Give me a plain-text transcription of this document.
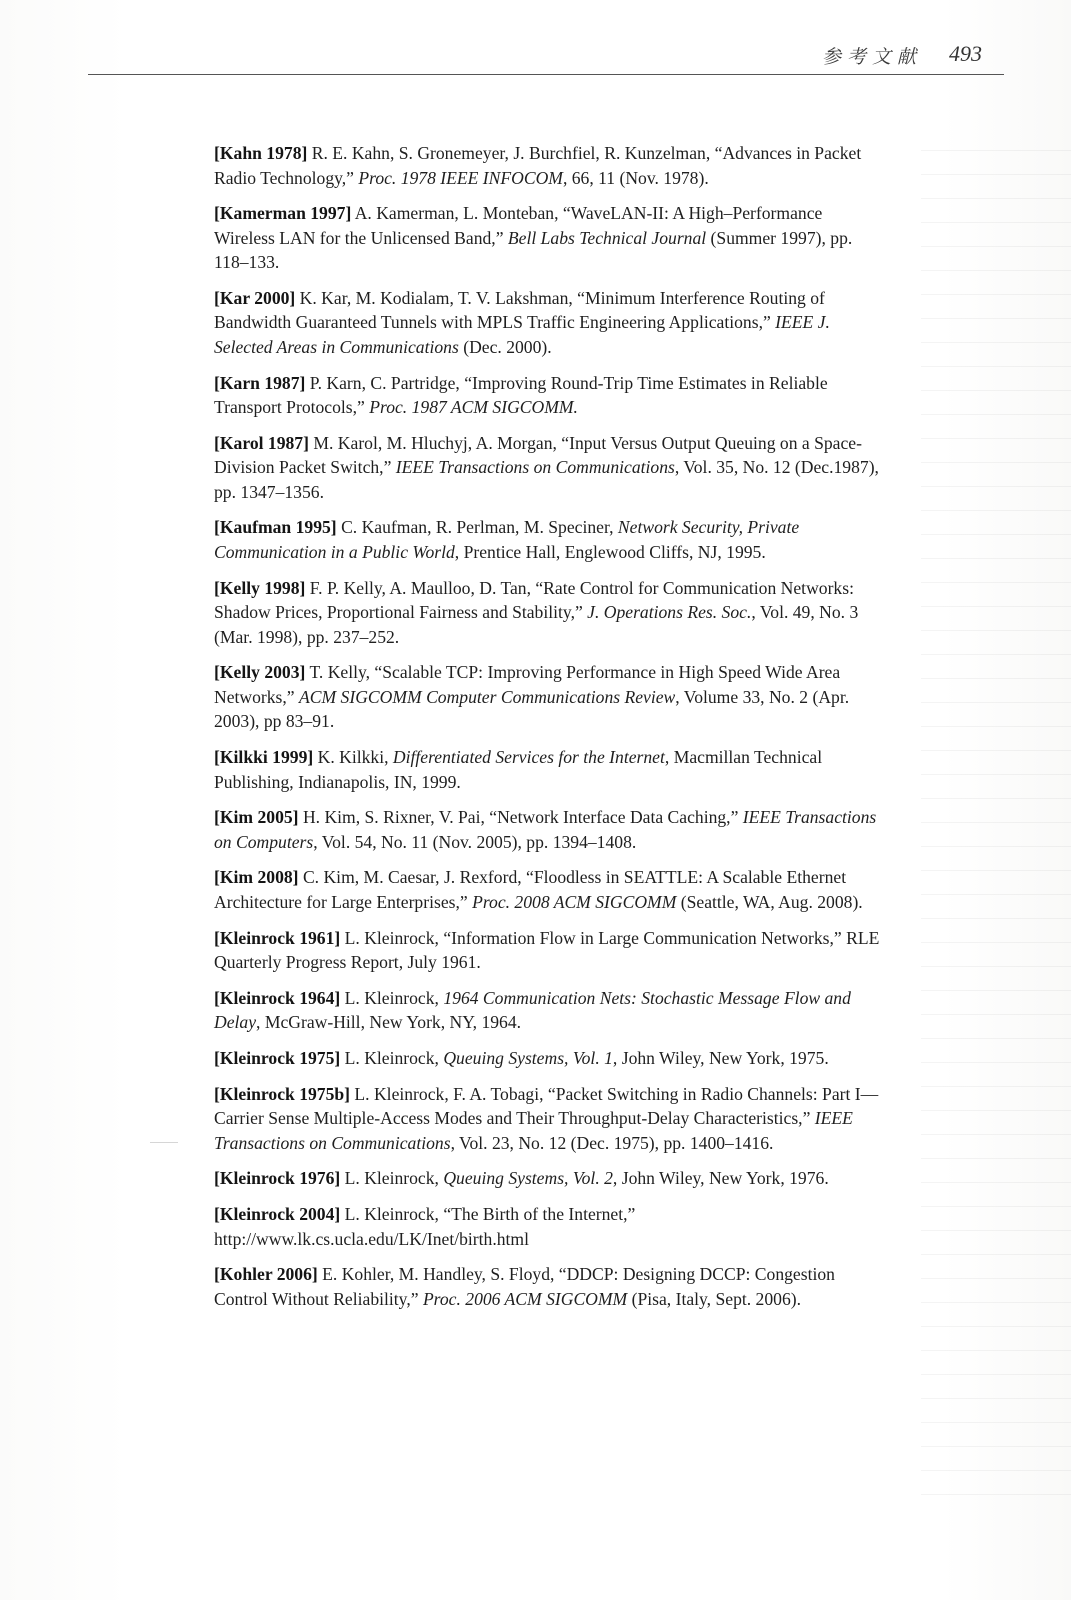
参考文献 493

[Kahn 1978] R. E. Kahn, S. Gronemeyer, J. Burchfiel, R. Kunzelman, “Advances in Packet Radio Technology,” Proc. 1978 IEEE INFOCOM, 66, 11 (Nov. 1978).

[Kamerman 1997] A. Kamerman, L. Monteban, “WaveLAN-II: A High–Performance Wireless LAN for the Unlicensed Band,” Bell Labs Technical Journal (Summer 1997), pp. 118–133.

[Kar 2000] K. Kar, M. Kodialam, T. V. Lakshman, “Minimum Interference Routing of Bandwidth Guaranteed Tunnels with MPLS Traffic Engineering Applications,” IEEE J. Selected Areas in Communications (Dec. 2000).

[Karn 1987] P. Karn, C. Partridge, “Improving Round-Trip Time Estimates in Reliable Transport Protocols,” Proc. 1987 ACM SIGCOMM.

[Karol 1987] M. Karol, M. Hluchyj, A. Morgan, “Input Versus Output Queuing on a Space-Division Packet Switch,” IEEE Transactions on Communications, Vol. 35, No. 12 (Dec.1987), pp. 1347–1356.

[Kaufman 1995] C. Kaufman, R. Perlman, M. Speciner, Network Security, Private Communication in a Public World, Prentice Hall, Englewood Cliffs, NJ, 1995.

[Kelly 1998] F. P. Kelly, A. Maulloo, D. Tan, “Rate Control for Communication Networks: Shadow Prices, Proportional Fairness and Stability,” J. Operations Res. Soc., Vol. 49, No. 3 (Mar. 1998), pp. 237–252.

[Kelly 2003] T. Kelly, “Scalable TCP: Improving Performance in High Speed Wide Area
Networks,” ACM SIGCOMM Computer Communications Review, Volume 33, No. 2 (Apr. 2003), pp 83–91.

[Kilkki 1999] K. Kilkki, Differentiated Services for the Internet, Macmillan Technical Publishing, Indianapolis, IN, 1999.

[Kim 2005] H. Kim, S. Rixner, V. Pai, “Network Interface Data Caching,” IEEE Transactions on Computers, Vol. 54, No. 11 (Nov. 2005), pp. 1394–1408.

[Kim 2008] C. Kim, M. Caesar, J. Rexford, “Floodless in SEATTLE: A Scalable Ethernet Architecture for Large Enterprises,” Proc. 2008 ACM SIGCOMM (Seattle, WA, Aug. 2008).

[Kleinrock 1961] L. Kleinrock, “Information Flow in Large Communication Networks,” RLE Quarterly Progress Report, July 1961.

[Kleinrock 1964] L. Kleinrock, 1964 Communication Nets: Stochastic Message Flow and Delay, McGraw-Hill, New York, NY, 1964.

[Kleinrock 1975] L. Kleinrock, Queuing Systems, Vol. 1, John Wiley, New York, 1975.

[Kleinrock 1975b] L. Kleinrock, F. A. Tobagi, “Packet Switching in Radio Channels: Part I—Carrier Sense Multiple-Access Modes and Their Throughput-Delay Characteristics,” IEEE Transactions on Communications, Vol. 23, No. 12 (Dec. 1975), pp. 1400–1416.

[Kleinrock 1976] L. Kleinrock, Queuing Systems, Vol. 2, John Wiley, New York, 1976.

[Kleinrock 2004] L. Kleinrock, “The Birth of the Internet,” http://www.lk.cs.ucla.edu/LK/Inet/birth.html

[Kohler 2006] E. Kohler, M. Handley, S. Floyd, “DDCP: Designing DCCP: Congestion Control Without Reliability,” Proc. 2006 ACM SIGCOMM (Pisa, Italy, Sept. 2006).
